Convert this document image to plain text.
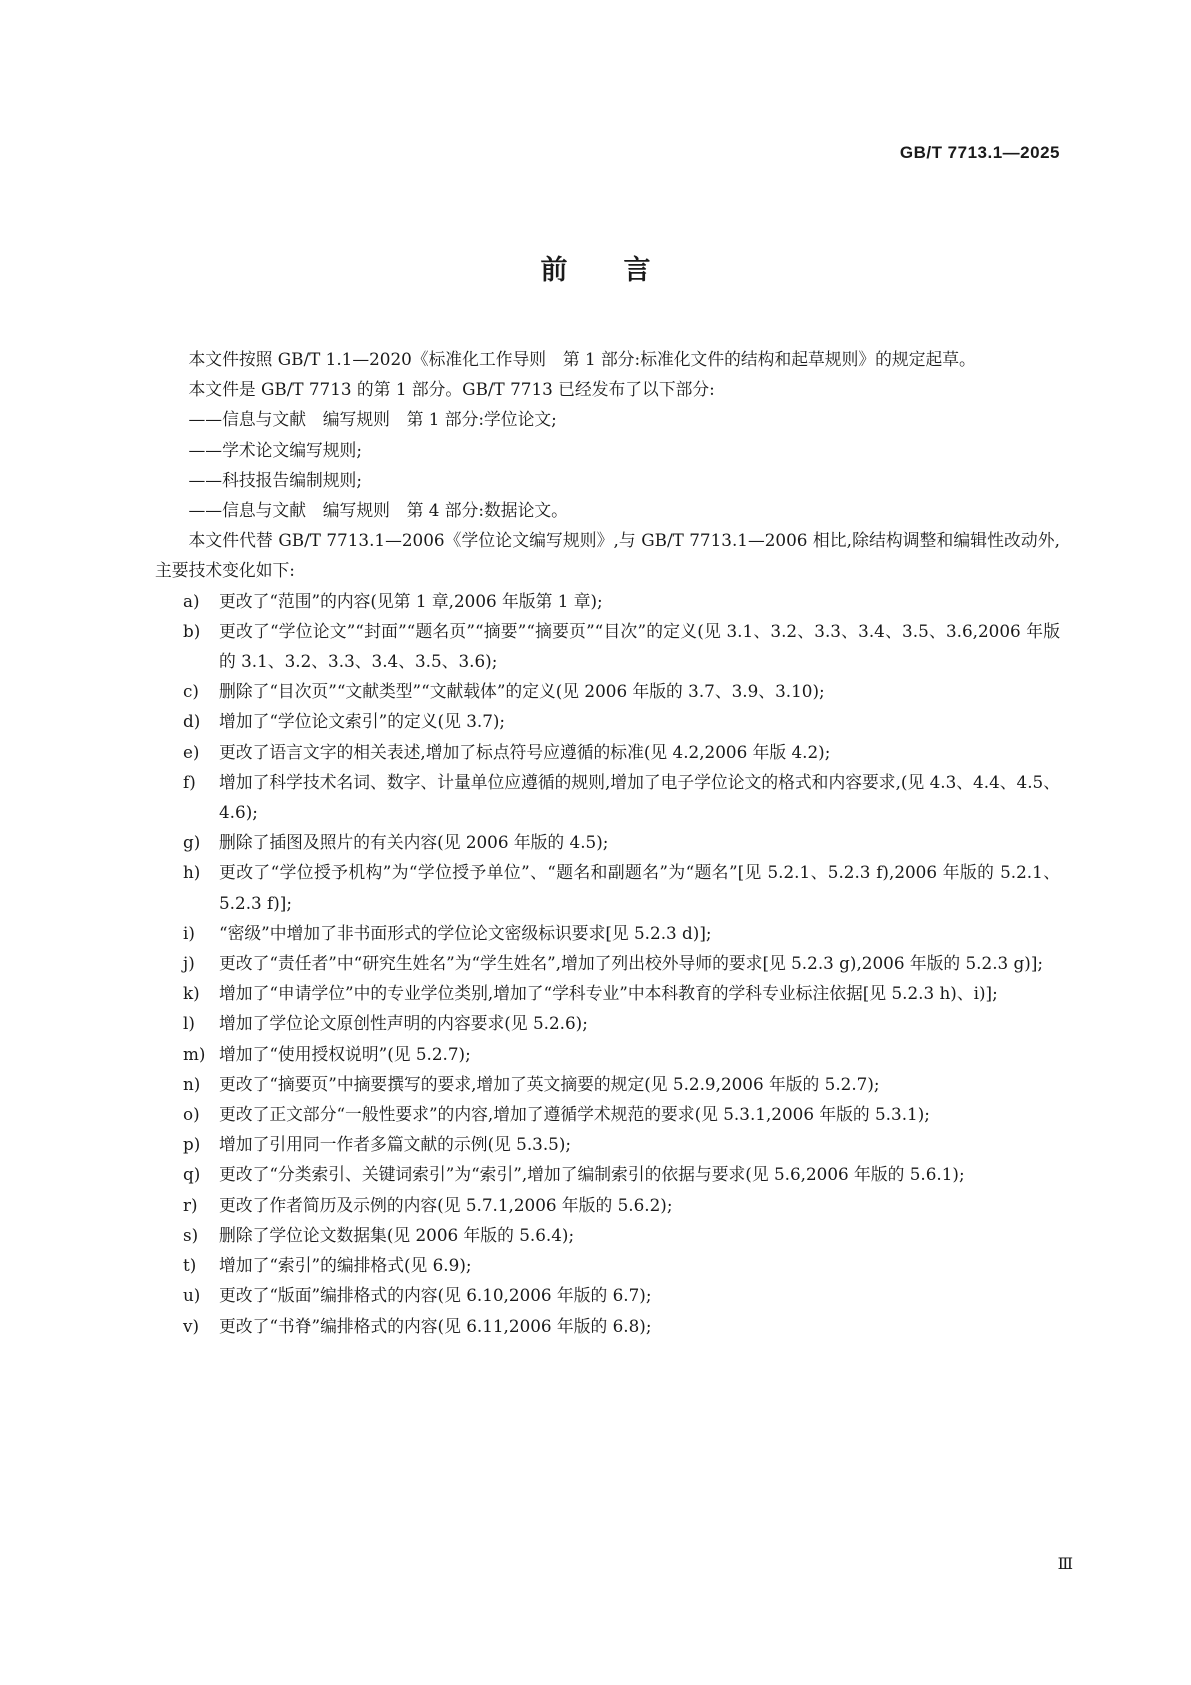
GB/T 7713.1—2025
前言

本文件按照 GB/T 1.1—2020《标准化工作导则　第 1 部分:标准化文件的结构和起草规则》的规定起草。

本文件是 GB/T 7713 的第 1 部分。GB/T 7713 已经发布了以下部分:

——信息与文献　编写规则　第 1 部分:学位论文;

——学术论文编写规则;

——科技报告编制规则;

——信息与文献　编写规则　第 4 部分:数据论文。

本文件代替 GB/T 7713.1—2006《学位论文编写规则》,与 GB/T 7713.1—2006 相比,除结构调整和编辑性改动外,主要技术变化如下:

a)	更改了“范围”的内容(见第 1 章,2006 年版第 1 章);
b)	更改了“学位论文”“封面”“题名页”“摘要”“摘要页”“目次”的定义(见 3.1、3.2、3.3、3.4、3.5、3.6,2006 年版的 3.1、3.2、3.3、3.4、3.5、3.6);
c)	删除了“目次页”“文献类型”“文献载体”的定义(见 2006 年版的 3.7、3.9、3.10);
d)	增加了“学位论文索引”的定义(见 3.7);
e)	更改了语言文字的相关表述,增加了标点符号应遵循的标准(见 4.2,2006 年版 4.2);
f)	增加了科学技术名词、数字、计量单位应遵循的规则,增加了电子学位论文的格式和内容要求,(见 4.3、4.4、4.5、4.6);
g)	删除了插图及照片的有关内容(见 2006 年版的 4.5);
h)	更改了“学位授予机构”为“学位授予单位”、“题名和副题名”为“题名”[见 5.2.1、5.2.3 f),2006 年版的 5.2.1、5.2.3 f)];
i)	“密级”中增加了非书面形式的学位论文密级标识要求[见 5.2.3 d)];
j)	更改了“责任者”中“研究生姓名”为“学生姓名”,增加了列出校外导师的要求[见 5.2.3 g),2006 年版的 5.2.3 g)];
k)	增加了“申请学位”中的专业学位类别,增加了“学科专业”中本科教育的学科专业标注依据[见 5.2.3 h)、i)];
l)	增加了学位论文原创性声明的内容要求(见 5.2.6);
m) 增加了“使用授权说明”(见 5.2.7);
n)	更改了“摘要页”中摘要撰写的要求,增加了英文摘要的规定(见 5.2.9,2006 年版的 5.2.7);
o)	更改了正文部分“一般性要求”的内容,增加了遵循学术规范的要求(见 5.3.1,2006 年版的 5.3.1);
p)	增加了引用同一作者多篇文献的示例(见 5.3.5);
q)	更改了“分类索引、关键词索引”为“索引”,增加了编制索引的依据与要求(见 5.6,2006 年版的 5.6.1);
r)	更改了作者简历及示例的内容(见 5.7.1,2006 年版的 5.6.2);
s)	删除了学位论文数据集(见 2006 年版的 5.6.4);
t)	增加了“索引”的编排格式(见 6.9);
u)	更改了“版面”编排格式的内容(见 6.10,2006 年版的 6.7);
v)	更改了“书脊”编排格式的内容(见 6.11,2006 年版的 6.8);
Ⅲ
